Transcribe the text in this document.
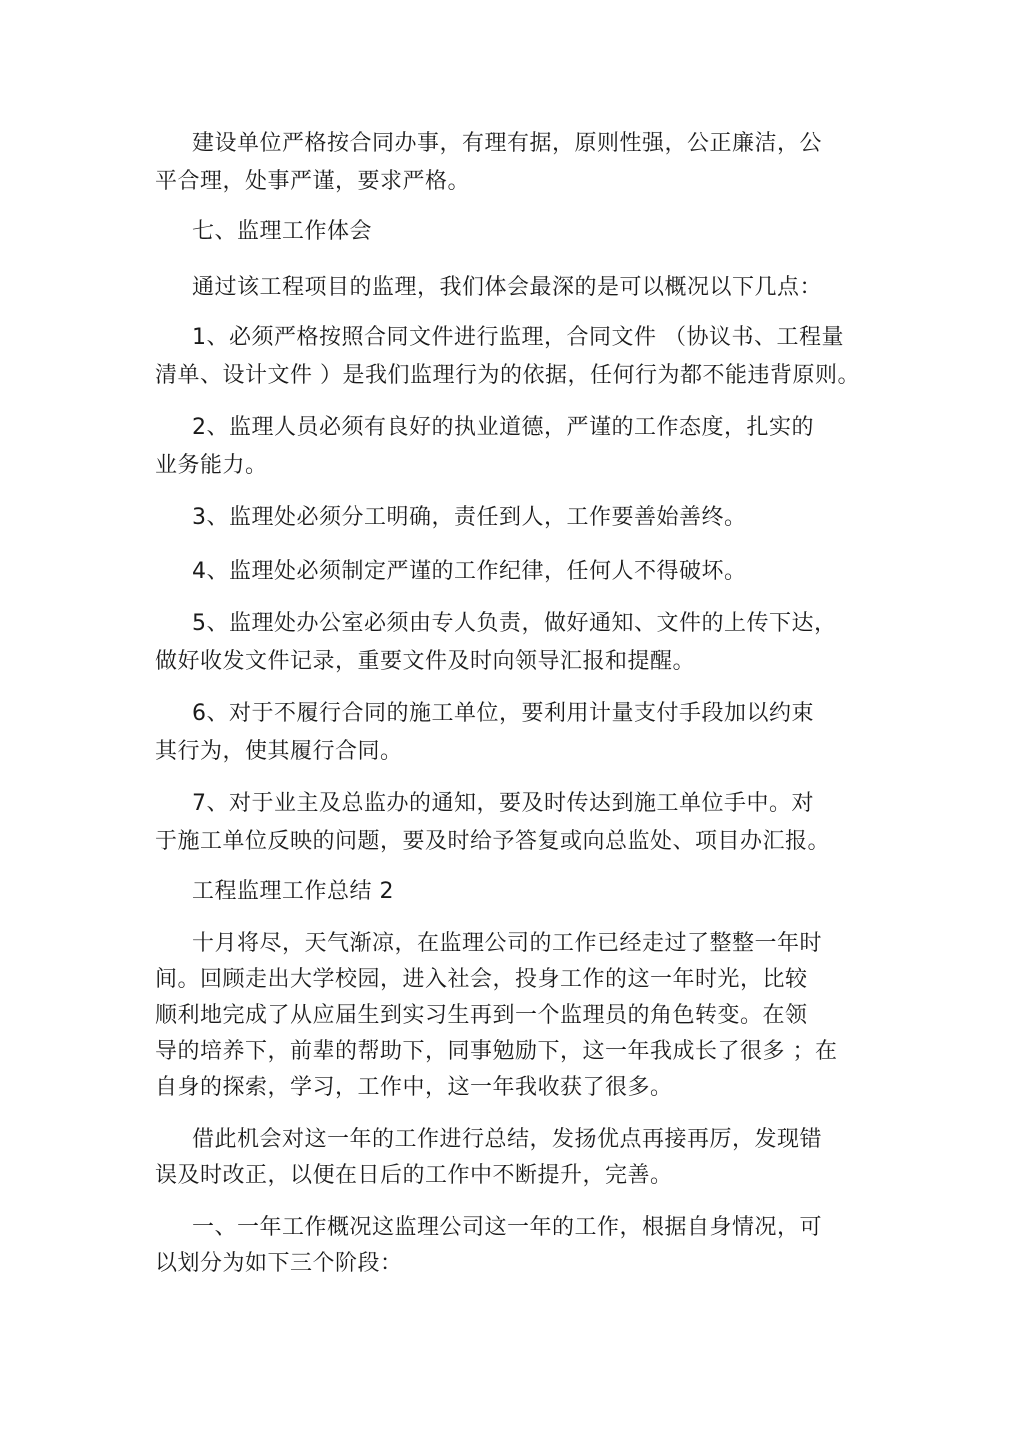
建设单位严格按合同办事，有理有据，原则性强，公正廉洁，公
平合理，处事严谨，要求严格。
七、监理工作体会
通过该工程项目的监理，我们体会最深的是可以概况以下几点：
1、必须严格按照合同文件进行监理，合同文件 （协议书、工程量
清单、设计文件 ）是我们监理行为的依据，任何行为都不能违背原则。
2、监理人员必须有良好的执业道德，严谨的工作态度，扎实的
业务能力。
3、监理处必须分工明确，责任到人，工作要善始善终。
4、监理处必须制定严谨的工作纪律，任何人不得破坏。
5、监理处办公室必须由专人负责，做好通知、文件的上传下达，
做好收发文件记录，重要文件及时向领导汇报和提醒。
6、对于不履行合同的施工单位，要利用计量支付手段加以约束
其行为，使其履行合同。
7、对于业主及总监办的通知，要及时传达到施工单位手中。对
于施工单位反映的问题，要及时给予答复或向总监处、项目办汇报。
工程监理工作总结 2
十月将尽，天气渐凉，在监理公司的工作已经走过了整整一年时
间。回顾走出大学校园，进入社会，投身工作的这一年时光，比较
顺利地完成了从应届生到实习生再到一个监理员的角色转变。在领
导的培养下，前辈的帮助下，同事勉励下，这一年我成长了很多 ；在
自身的探索，学习，工作中，这一年我收获了很多。
借此机会对这一年的工作进行总结，发扬优点再接再厉，发现错
误及时改正，以便在日后的工作中不断提升，完善。
一、一年工作概况这监理公司这一年的工作，根据自身情况，可
以划分为如下三个阶段：
